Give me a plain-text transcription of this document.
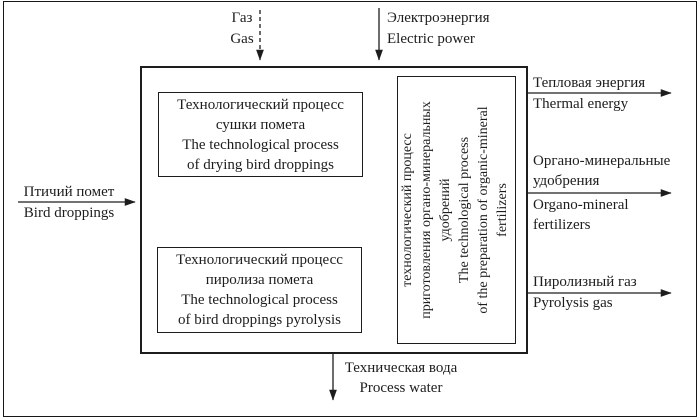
Технологический процесс
сушки помета
The technological process
of drying bird droppings
Технологический процесс
пиролиза помета
The technological process
of bird droppings pyrolysis
технологический процесс приготовления органо-минеральных удобрений The technological process of the preparation of organic-mineral fertilizers
Газ
Gas
Электроэнергия
Electric power
Птичий помет
Bird droppings
Тепловая энергия
Thermal energy
Органо-минеральные
удобрения
Organo-mineral
fertilizers
Пиролизный газ
Pyrolysis gas
Техническая вода
Process water
